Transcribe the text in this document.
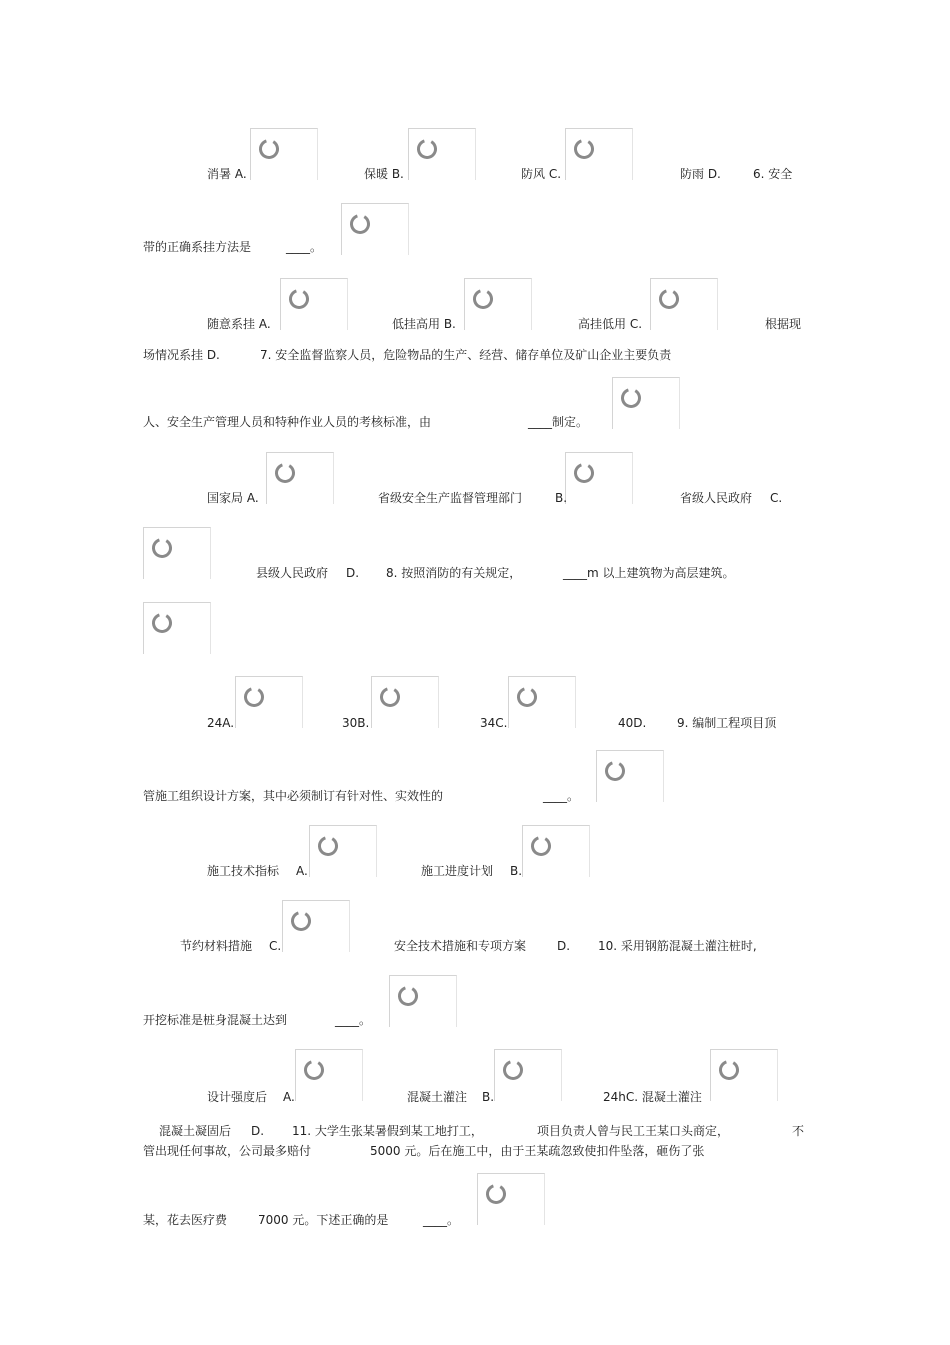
消暑 A.	保暖 B.	防风 C.	防雨 D.	6. 安全
带的正确系挂方法是	____。
随意系挂 A.	低挂高用 B.	高挂低用 C.	根据现
场情况系挂 D.	7. 安全监督监察人员，危险物品的生产、经营、储存单位及矿山企业主要负责
人、安全生产管理人员和特种作业人员的考核标准，由	____制定。
国家局 A.	省级安全生产监督管理部门	B.	省级人民政府 C.
县级人民政府 D. 8. 按照消防的有关规定，	____m 以上建筑物为高层建筑。
24A.	30B.	34C.	40D.	9. 编制工程项目顶
管施工组织设计方案，其中必须制订有针对性、实效性的	____。
施工技术指标 A.	施工进度计划 B.
节约材料措施 C.	安全技术措施和专项方案	D. 10. 采用钢筋混凝土灌注桩时,
开挖标准是桩身混凝土达到	____。
设计强度后 A.	混凝土灌注 B.	24hC. 混凝土灌注
混凝土凝固后 D. 11. 大学生张某暑假到某工地打工，	项目负责人曾与民工王某口头商定，	不
管出现任何事故，公司最多赔付	5000 元。后在施工中，由于王某疏忽致使扣件坠落，砸伤了张
某，花去医疗费	7000 元。下述正确的是	____。
